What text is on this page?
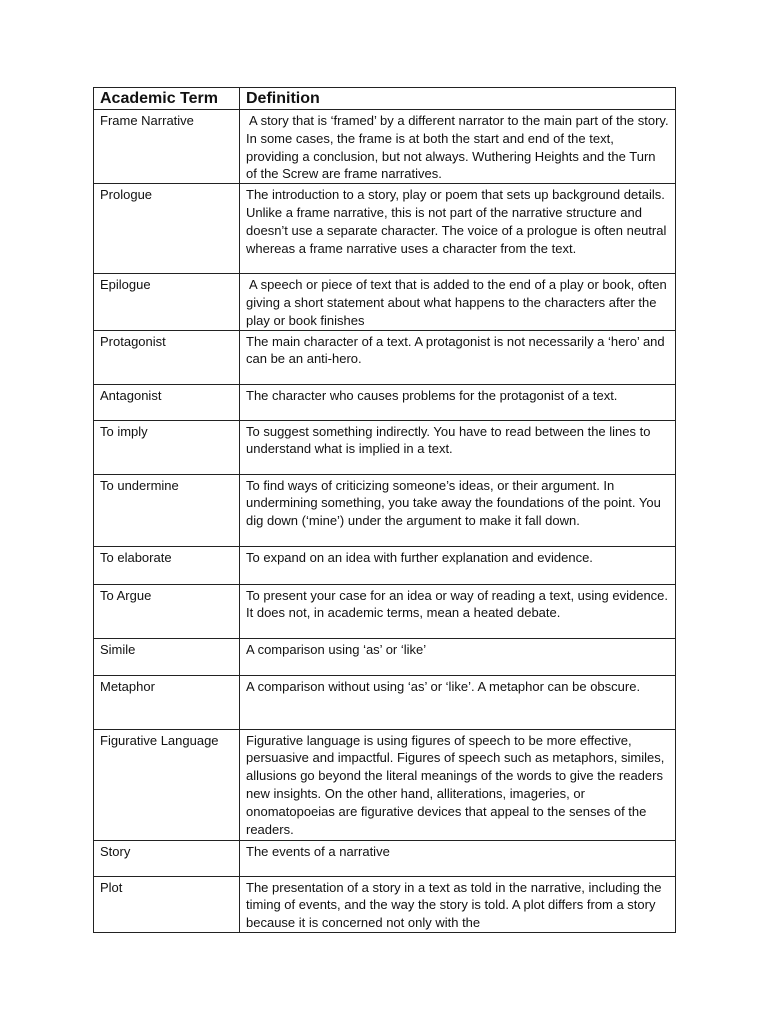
Academic Term	Definition
Frame Narrative	A story that is ‘framed’ by a different narrator to the main part of the story. In some cases, the frame is at both the start and end of the text, providing a conclusion, but not always. Wuthering Heights and the Turn of the Screw are frame narratives.
Prologue	The introduction to a story, play or poem that sets up background details. Unlike a frame narrative, this is not part of the narrative structure and doesn’t use a separate character. The voice of a prologue is often neutral whereas a frame narrative uses a character from the text.
Epilogue	A speech or piece of text that is added to the end of a play or book, often giving a short statement about what happens to the characters after the play or book finishes
Protagonist	The main character of a text. A protagonist is not necessarily a ‘hero’ and can be an anti-hero.
Antagonist	The character who causes problems for the protagonist of a text.
To imply	To suggest something indirectly. You have to read between the lines to understand what is implied in a text.
To undermine	To find ways of criticizing someone’s ideas, or their argument. In undermining something, you take away the foundations of the point. You dig down (‘mine’) under the argument to make it fall down.
To elaborate	To expand on an idea with further explanation and evidence.
To Argue	To present your case for an idea or way of reading a text, using evidence. It does not, in academic terms, mean a heated debate.
Simile	A comparison using ‘as’ or ‘like’
Metaphor	A comparison without using ‘as’ or ‘like’. A metaphor can be obscure.
Figurative Language	Figurative language is using figures of speech to be more effective, persuasive and impactful. Figures of speech such as metaphors, similes, allusions go beyond the literal meanings of the words to give the readers new insights. On the other hand, alliterations, imageries, or onomatopoeias are figurative devices that appeal to the senses of the readers.
Story	The events of a narrative
Plot	The presentation of a story in a text as told in the narrative, including the timing of events, and the way the story is told. A plot differs from a story because it is concerned not only with the
